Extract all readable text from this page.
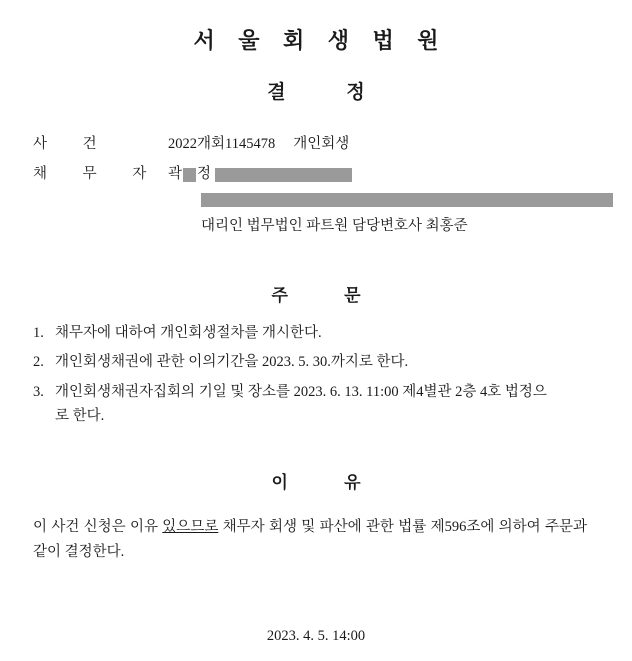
서 울 회 생 법 원
결 정
사 건	2022개회1145478 개인회생
채 무 자 곽 정
대리인 법무법인 파트원 담당변호사 최홍준
주 문
1. 채무자에 대하여 개인회생절차를 개시한다.
2. 개인회생채권에 관한 이의기간을 2023. 5. 30.까지로 한다.
3. 개인회생채권자집회의 기일 및 장소를 2023. 6. 13. 11:00 제4별관 2층 4호 법정으
로 한다.
이 유
이 사건 신청은 이유 있으므로 채무자 회생 및 파산에 관한 법률 제596조에 의하여 주문과 같이 결정한다.
2023. 4. 5. 14:00
